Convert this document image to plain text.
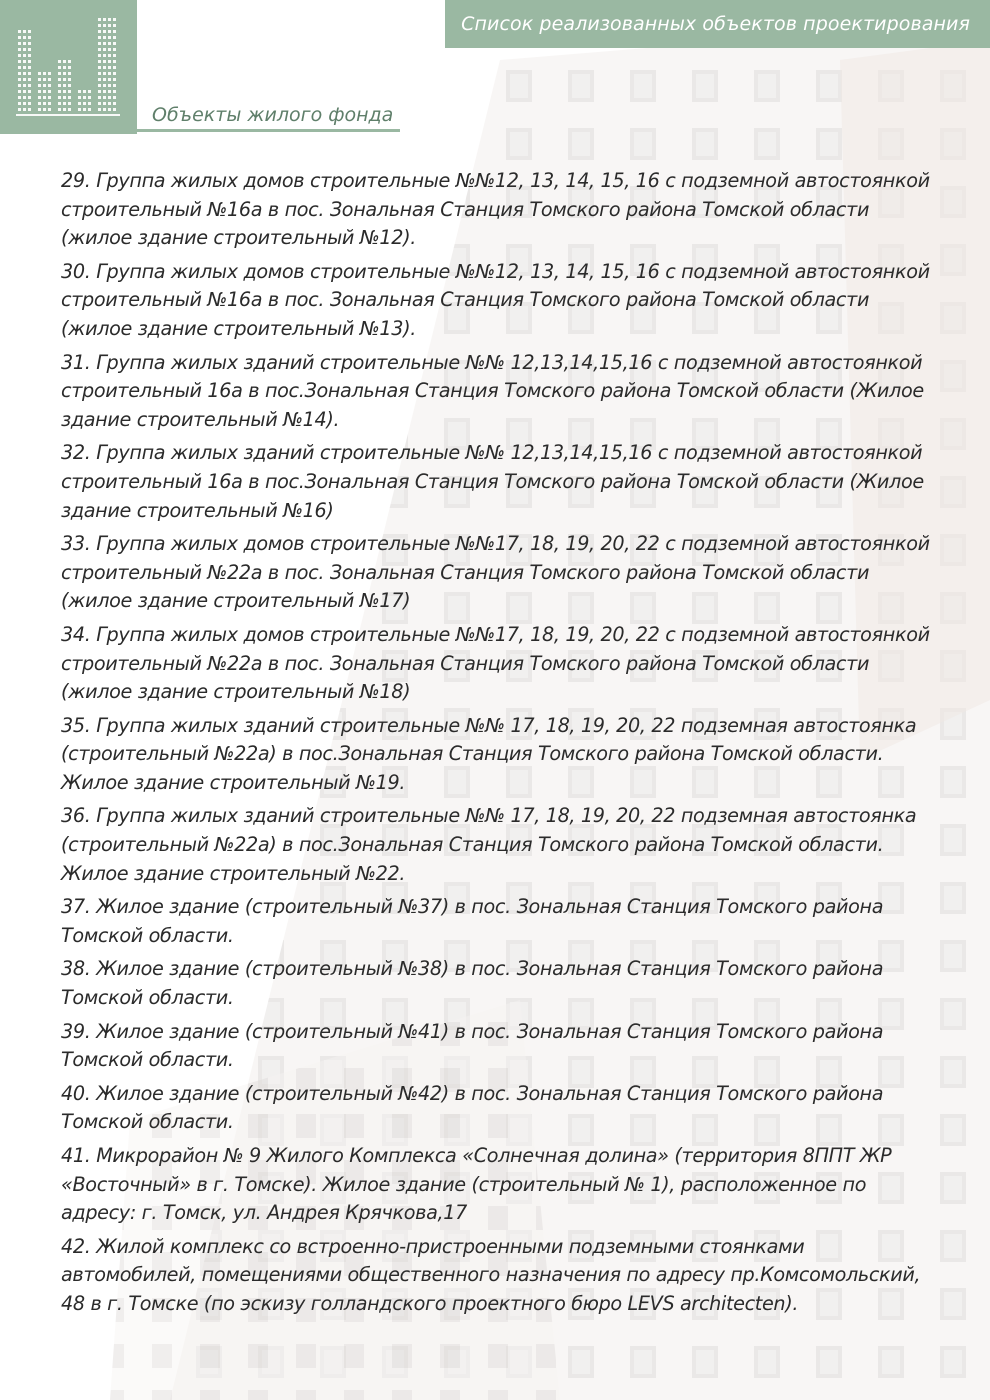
Список реализованных объектов проектирования
Объекты жилого фонда
29. Группа жилых домов строительные №№12, 13, 14, 15, 16 с подземной автостоянкой строительный №16а в пос. Зональная Станция Томского района Томской области (жилое здание строительный №12).
30. Группа жилых домов строительные №№12, 13, 14, 15, 16 с подземной автостоянкой строительный №16а в пос. Зональная Станция Томского района Томской области (жилое здание строительный №13).
31. Группа жилых зданий строительные №№ 12,13,14,15,16 с подземной автостоянкой строительный 16а в пос.Зональная Станция Томского района Томской области (Жилое здание строительный №14).
32. Группа жилых зданий строительные №№ 12,13,14,15,16 с подземной автостоянкой строительный 16а в пос.Зональная Станция Томского района Томской области (Жилое здание строительный №16)
33. Группа жилых домов строительные №№17, 18, 19, 20, 22 с подземной автостоянкой строительный №22а в пос. Зональная Станция Томского района Томской области (жилое здание строительный №17)
34. Группа жилых домов строительные №№17, 18, 19, 20, 22 с подземной автостоянкой строительный №22а в пос. Зональная Станция Томского района Томской области (жилое здание строительный №18)
35. Группа жилых зданий строительные №№ 17, 18, 19, 20, 22 подземная автостоянка (строительный №22а) в пос.Зональная Станция Томского района Томской области. Жилое здание строительный №19.
36. Группа жилых зданий строительные №№ 17, 18, 19, 20, 22 подземная автостоянка (строительный №22а) в пос.Зональная Станция Томского района Томской области. Жилое здание строительный №22.
37. Жилое здание (строительный №37) в пос. Зональная Станция Томского района Томской области.
38. Жилое здание (строительный №38) в пос. Зональная Станция Томского района Томской области.
39. Жилое здание (строительный №41) в пос. Зональная Станция Томского района Томской области.
40. Жилое здание (строительный №42) в пос. Зональная Станция Томского района Томской области.
41. Микрорайон № 9 Жилого Комплекса «Солнечная долина» (территория 8ППТ ЖР «Восточный» в г. Томске). Жилое здание (строительный № 1), расположенное по адресу: г. Томск, ул. Андрея Крячкова,17
42. Жилой комплекс со встроенно-пристроенными подземными стоянками автомобилей, помещениями общественного назначения по адресу пр.Комсомольский, 48 в г. Томске (по эскизу голландского проектного бюро LEVS architecten).
